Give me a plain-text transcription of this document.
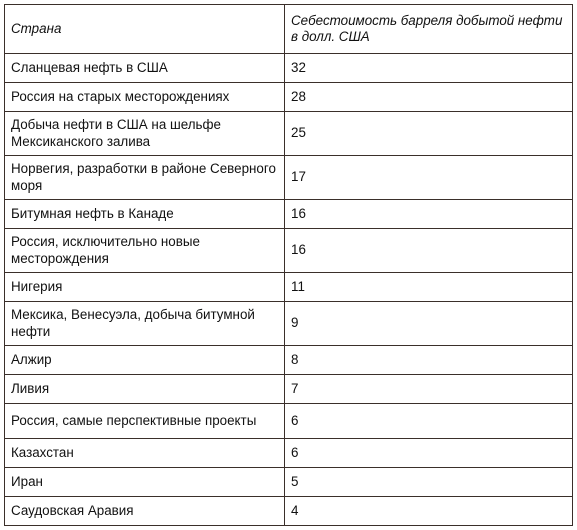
Страна	Себестоимость барреля добытой нефти в долл. США
Сланцевая нефть в США	32
Россия на старых месторождениях	28
Добыча нефти в США на шельфе Мексиканского залива	25
Норвегия, разработки в районе Северного моря	17
Битумная нефть в Канаде	16
Россия, исключительно новые месторождения	16
Нигерия	11
Мексика, Венесуэла, добыча битумной нефти	9
Алжир	8
Ливия	7
Россия, самые перспективные проекты	6
Казахстан	6
Иран	5
Саудовская Аравия	4
